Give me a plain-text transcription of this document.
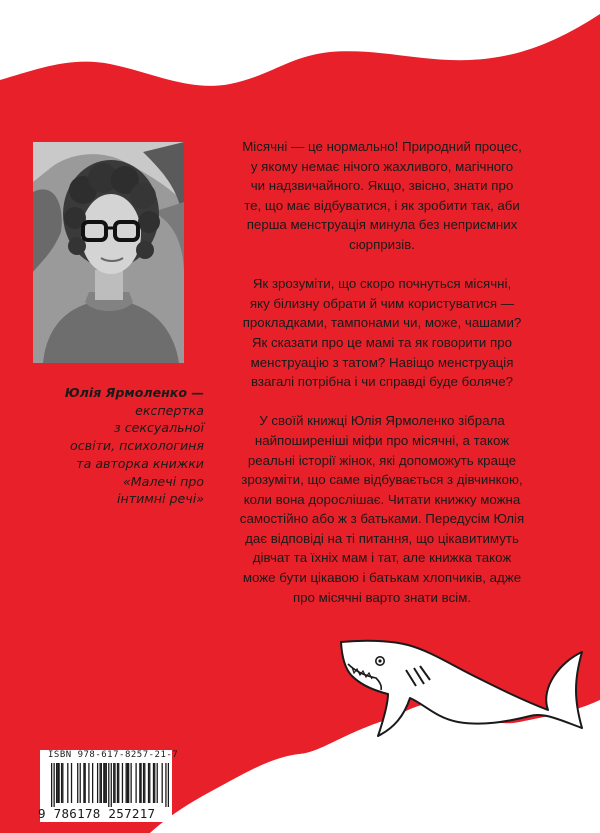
Юлія Ярмоленко —
експертка
з сексуальної
освіти, психологиня
та авторка книжки
«Малечі про
інтимні речі»

Місячні — це нормально! Природний процес,
у якому немає нічого жахливого, магічного
чи надзвичайного. Якщо, звісно, знати про
те, що має відбуватися, і як зробити так, аби
перша менструація минула без неприємних
сюрпризів.

Як зрозуміти, що скоро почнуться місячні,
яку білизну обрати й чим користуватися —
прокладками, тампонами чи, може, чашами?
Як сказати про це мамі та як говорити про
менструацію з татом? Навіщо менструація
взагалі потрібна і чи справді буде боляче?

У своїй книжці Юлія Ярмоленко зібрала
найпоширеніші міфи про місячні, а також
реальні історії жінок, які допоможуть краще
зрозуміти, що саме відбувається з дівчинкою,
коли вона дорослішає. Читати книжку можна
самостійно або ж з батьками. Передусім Юлія
дає відповіді на ті питання, що цікавитимуть
дівчат та їхніх мам і тат, але книжка також
може бути цікавою і батькам хлопчиків, адже
про місячні варто знати всім.

ISBN 978-617-8257-21-7
9 786178 257217
